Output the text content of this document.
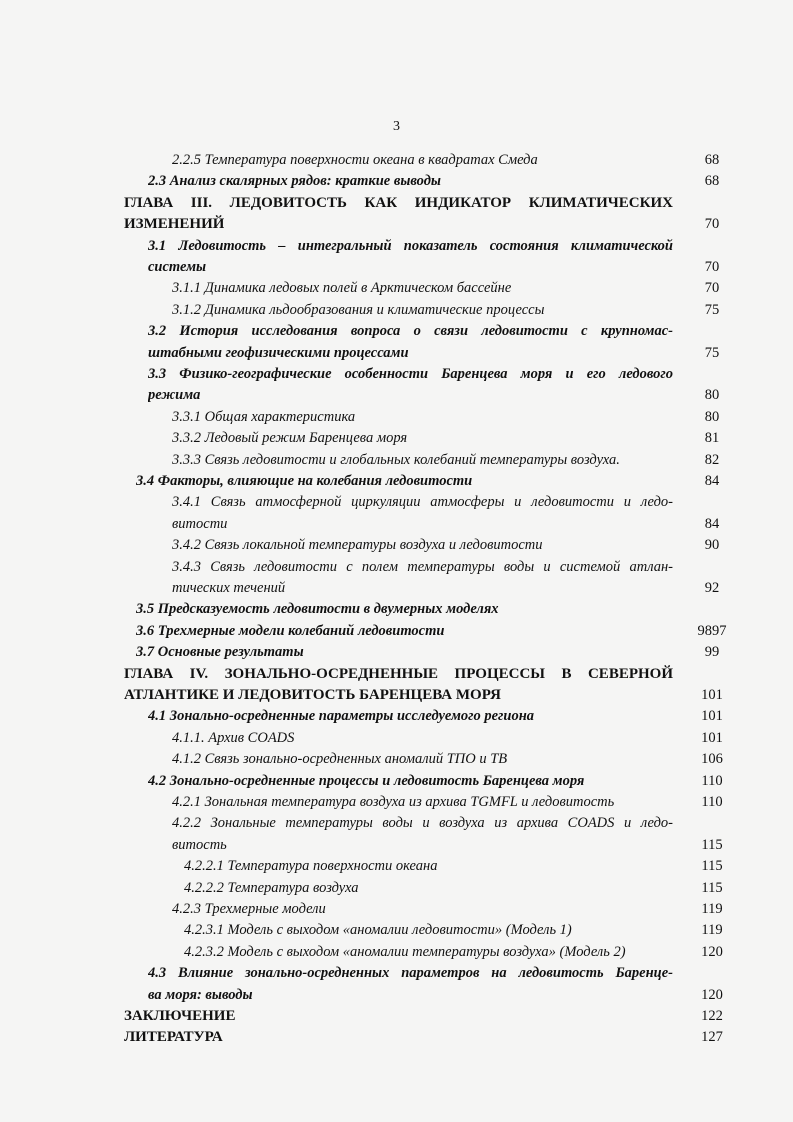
3
2.2.5 Температура поверхности океана в квадратах Смеда	68
2.3 Анализ скалярных рядов: краткие выводы	68
ГЛАВА III. ЛЕДОВИТОСТЬ КАК ИНДИКАТОР КЛИМАТИЧЕСКИХ
ИЗМЕНЕНИЙ	70
3.1 Ледовитость – интегральный показатель состояния климатической
системы	70
3.1.1 Динамика ледовых полей в Арктическом бассейне	70
3.1.2 Динамика льдообразования и климатические процессы	75
3.2 История исследования вопроса о связи ледовитости с крупномас-
штабными геофизическими процессами	75
3.3 Физико-географические особенности Баренцева моря и его ледового
режима	80
3.3.1 Общая характеристика	80
3.3.2 Ледовый режим Баренцева моря	81
3.3.3 Связь ледовитости и глобальных колебаний температуры воздуха.	82
3.4 Факторы, влияющие на колебания ледовитости	84
3.4.1 Связь атмосферной циркуляции атмосферы и ледовитости и ледо-
витости	84
3.4.2 Связь локальной температуры воздуха и ледовитости	90
3.4.3 Связь ледовитости с полем температуры воды и системой атлан-
тических течений	92
3.5 Предсказуемость ледовитости в двумерных моделях
3.6 Трехмерные модели колебаний ледовитости	9897
3.7 Основные результаты	99
ГЛАВА IV. ЗОНАЛЬНО-ОСРЕДНЕННЫЕ ПРОЦЕССЫ В СЕВЕРНОЙ
АТЛАНТИКЕ И ЛЕДОВИТОСТЬ БАРЕНЦЕВА МОРЯ	101
4.1 Зонально-осредненные параметры исследуемого региона	101
4.1.1. Архив COADS	101
4.1.2 Связь зонально-осредненных аномалий ТПО и ТВ	106
4.2 Зонально-осредненные процессы и ледовитость Баренцева моря	110
4.2.1 Зональная температура воздуха из архива TGMFL и ледовитость	110
4.2.2 Зональные температуры воды и воздуха из архива COADS и ледо-
витость	115
4.2.2.1 Температура поверхности океана	115
4.2.2.2 Температура воздуха	115
4.2.3 Трехмерные модели	119
4.2.3.1 Модель с выходом «аномалии ледовитости» (Модель 1)	119
4.2.3.2 Модель с выходом «аномалии температуры воздуха» (Модель 2)	120
4.3 Влияние зонально-осредненных параметров на ледовитость Баренце-
ва моря: выводы	120
ЗАКЛЮЧЕНИЕ	122
ЛИТЕРАТУРА	127
